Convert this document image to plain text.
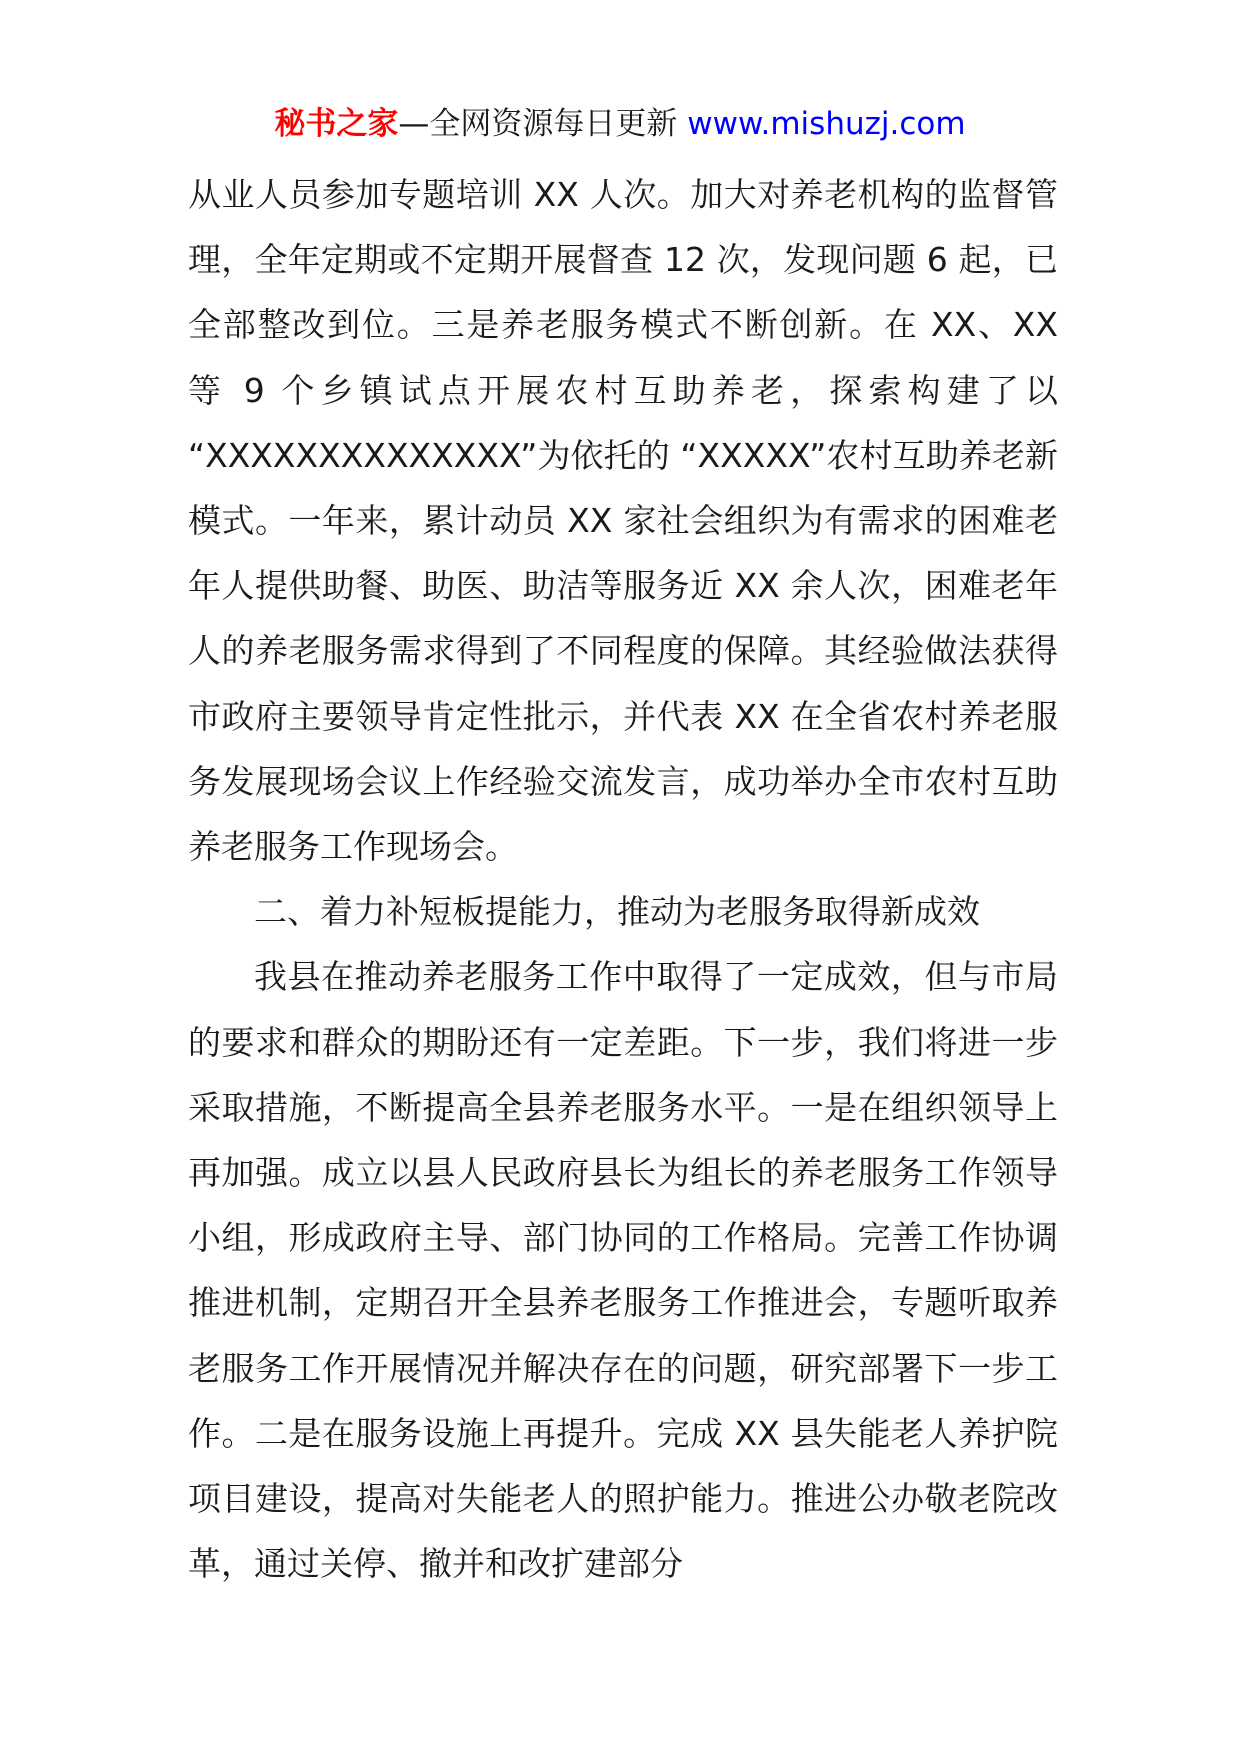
秘书之家—全网资源每日更新 www.mishuzj.com

从业人员参加专题培训 XX 人次。加大对养老机构的监督管理，全年定期或不定期开展督查 12 次，发现问题 6 起，已全部整改到位。三是养老服务模式不断创新。在 XX、XX 等 9 个乡镇试点开展农村互助养老，探索构建了以 “XXXXXXXXXXXXXX”为依托的 “XXXXX”农村互助养老新模式。一年来，累计动员 XX 家社会组织为有需求的困难老年人提供助餐、助医、助洁等服务近 XX 余人次，困难老年人的养老服务需求得到了不同程度的保障。其经验做法获得市政府主要领导肯定性批示，并代表 XX 在全省农村养老服务发展现场会议上作经验交流发言，成功举办全市农村互助养老服务工作现场会。

二、着力补短板提能力，推动为老服务取得新成效

我县在推动养老服务工作中取得了一定成效，但与市局的要求和群众的期盼还有一定差距。下一步，我们将进一步采取措施，不断提高全县养老服务水平。一是在组织领导上再加强。成立以县人民政府县长为组长的养老服务工作领导小组，形成政府主导、部门协同的工作格局。完善工作协调推进机制，定期召开全县养老服务工作推进会，专题听取养老服务工作开展情况并解决存在的问题，研究部署下一步工作。二是在服务设施上再提升。完成 XX 县失能老人养护院项目建设，提高对失能老人的照护能力。推进公办敬老院改革，通过关停、撤并和改扩建部分
